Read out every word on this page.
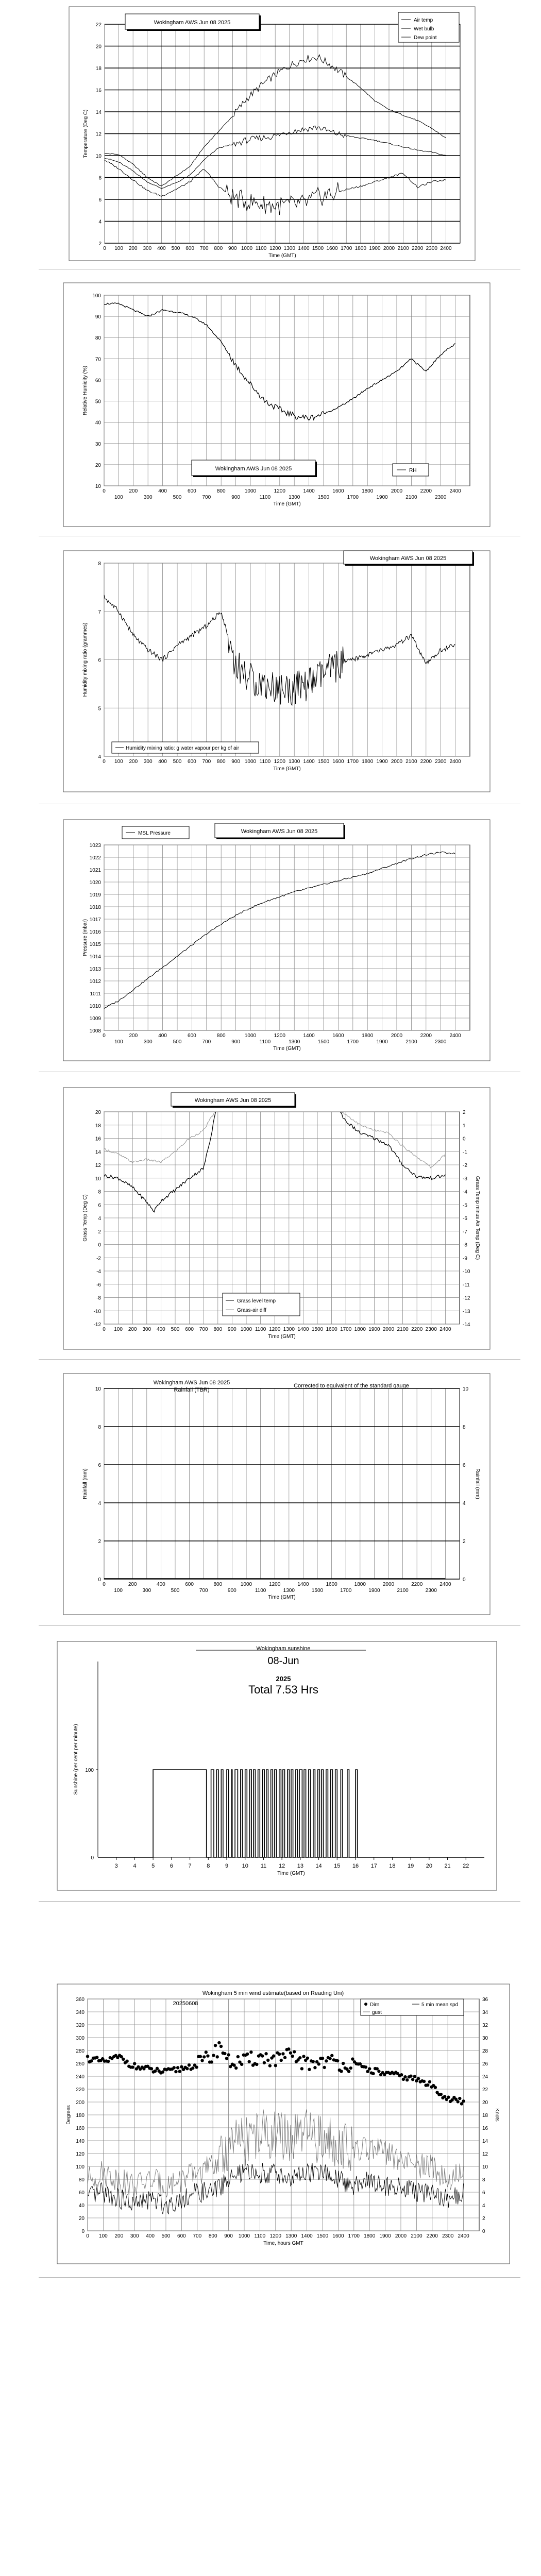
0 100 200 300 400 500 600 700 800 900 1000 1100 1200 1300 1400 1500 1600 1700 1800 1900 2000 2100 2200 2300 2400
2
4
6
8
10
12
14
16
18
20
22
Time (GMT)
Temperature (Deg C)
Wokingham AWS Jun 08 2025	Air temp
Wet bulb
Dew point
0	200	400	600	800	1000	1200	1400	1600	1800	2000	2200	2400
100	300	500	700	900	1100	1300	1500	1700	1900	2100	2300
10
20
30
40
50
60
70
80
90
100
Time (GMT)
Relative Humidity (%)
Wokingham AWS Jun 08 2025	RH
0 100 200 300 400 500 600 700 800 900 1000 1100 1200 1300 1400 1500 1600 1700 1800 1900 2000 2100 2200 2300 2400
4
5
6
7
8
Time (GMT)
Humidity mixing ratio (grammes)
Wokingham AWS Jun 08 2025
Humidity mixing ratio: g water vapour per kg of air
0	200	400	600	800	1000	1200	1400	1600	1800	2000	2200	2400
100	300	500	700	900	1100	1300	1500	1700	1900	2100	2300
1008
1009
1010
1011
1012
1013
1014
1015
1016
1017
1018
1019
1020
1021
1022
1023
Time (GMT)
Pressure (mbar)
MSL Pressure	Wokingham AWS Jun 08 2025
0 100 200 300 400 500 600 700 800 900 1000 1100 1200 1300 1400 1500 1600 1700 1800 1900 2000 2100 2200 2300 2400
-12
-10
-8
-6
-4
-2
0
2
4
6
8
10
12
14
16
18
20
-14
-13
-12
-11
-10
-9
-8
-7
-6
-5
-4
-3
-2
-1
0
1
2
Time (GMT)
Grass Temp (Deg C)	Grass Temp minus Air Temp (Deg C)
Wokingham AWS Jun 08 2025
Grass level temp
Grass-air diff
0	200	400	600	800	1000	1200	1400	1600	1800	2000	2200	2400
100	300	500	700	900	1100	1300	1500	1700	1900	2100	2300
0
2
4
6
8
10
0
2
4
6
8
10
Time (GMT)
Rainfall (mm)	Rainfall (mm)
Wokingham AWS Jun 08 2025
Rainfall (TBR)
Corrected to equivalent of the standard gauge
100
0
3	4	5	6	7	8	9 10 11 12 13 14 15 16 17 18 19 20 21 22
Time (GMT)
Sunshine (per cent per minute)
Wokingham sunshine
08-Jun
2025
Total 7.53 Hrs
0 100 200 300 400 500 600 700 800 900 1000 1100 1200 1300 1400 1500 1600 1700 1800 1900 2000 2100 2200 2300 2400
0
20
40
60
80
100
120
140
160
180
200
220
240
260
280
300
320
340
360
0
2
4
6
8
10
12
14
16
18
20
22
24
26
28
30
32
34
36
Time, hours GMT
Degrees	Knots
Wokingham 5 min wind estimate(based on Reading Uni)
20250608	Dirn
gust
5 min mean spd
